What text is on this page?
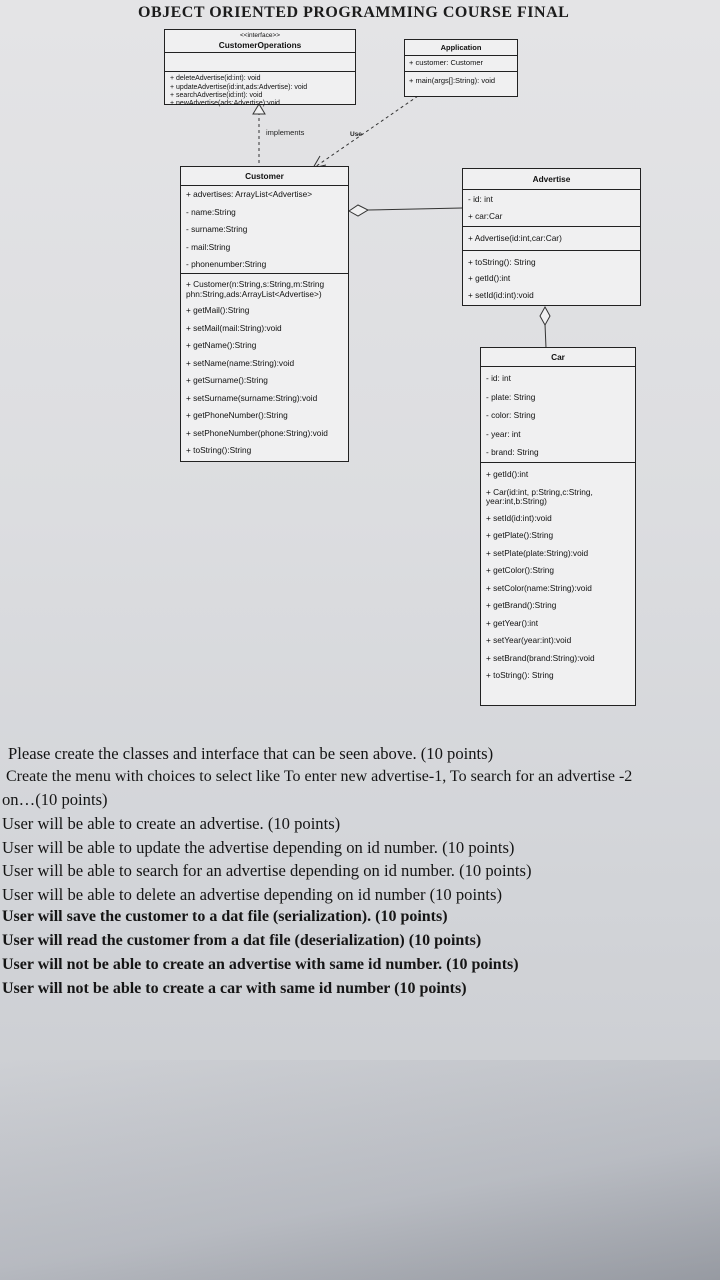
OBJECT ORIENTED PROGRAMMING COURSE FINAL
implements	Use
<<interface>>
CustomerOperations
+ deleteAdvertise(id:int): void
+ updateAdvertise(id:int,ads:Advertise): void
+ searchAdvertise(id:int): void
+ newAdvertise(ads:Advertise):void
Application
+ customer: Customer
+ main(args[]:String): void
Customer
+ advertises: ArrayList<Advertise>
- name:String
- surname:String
- mail:String
- phonenumber:String
+ Customer(n:String,s:String,m:String
phn:String,ads:ArrayList<Advertise>)
+ getMail():String
+ setMail(mail:String):void
+ getName():String
+ setName(name:String):void
+ getSurname():String
+ setSurname(surname:String):void
+ getPhoneNumber():String
+ setPhoneNumber(phone:String):void
+ toString():String
Advertise
- id: int
+ car:Car
+ Advertise(id:int,car:Car)
+ toString(): String
+ getId():int
+ setId(id:int):void
Car
- id: int
- plate: String
- color: String
- year: int
- brand: String
+ getId():int
+ Car(id:int, p:String,c:String,
year:int,b:String)
+ setId(id:int):void
+ getPlate():String
+ setPlate(plate:String):void
+ getColor():String
+ setColor(name:String):void
+ getBrand():String
+ getYear():int
+ setYear(year:int):void
+ setBrand(brand:String):void
+ toString(): String
Please create the classes and interface that can be seen above. (10 points)
Create the menu with choices to select like To enter new advertise-1, To search for an advertise -2
on…(10 points)
User will be able to create an advertise. (10 points)
User will be able to update the advertise depending on id number. (10 points)
User will be able to search for an advertise depending on id number. (10 points)
User will be able to delete an advertise depending on id number (10 points)
User will save the customer to a dat file (serialization). (10 points)
User will read the customer from a dat file (deserialization) (10 points)
User will not be able to create an advertise with same id number. (10 points)
User will not be able to create a car with same id number (10 points)
